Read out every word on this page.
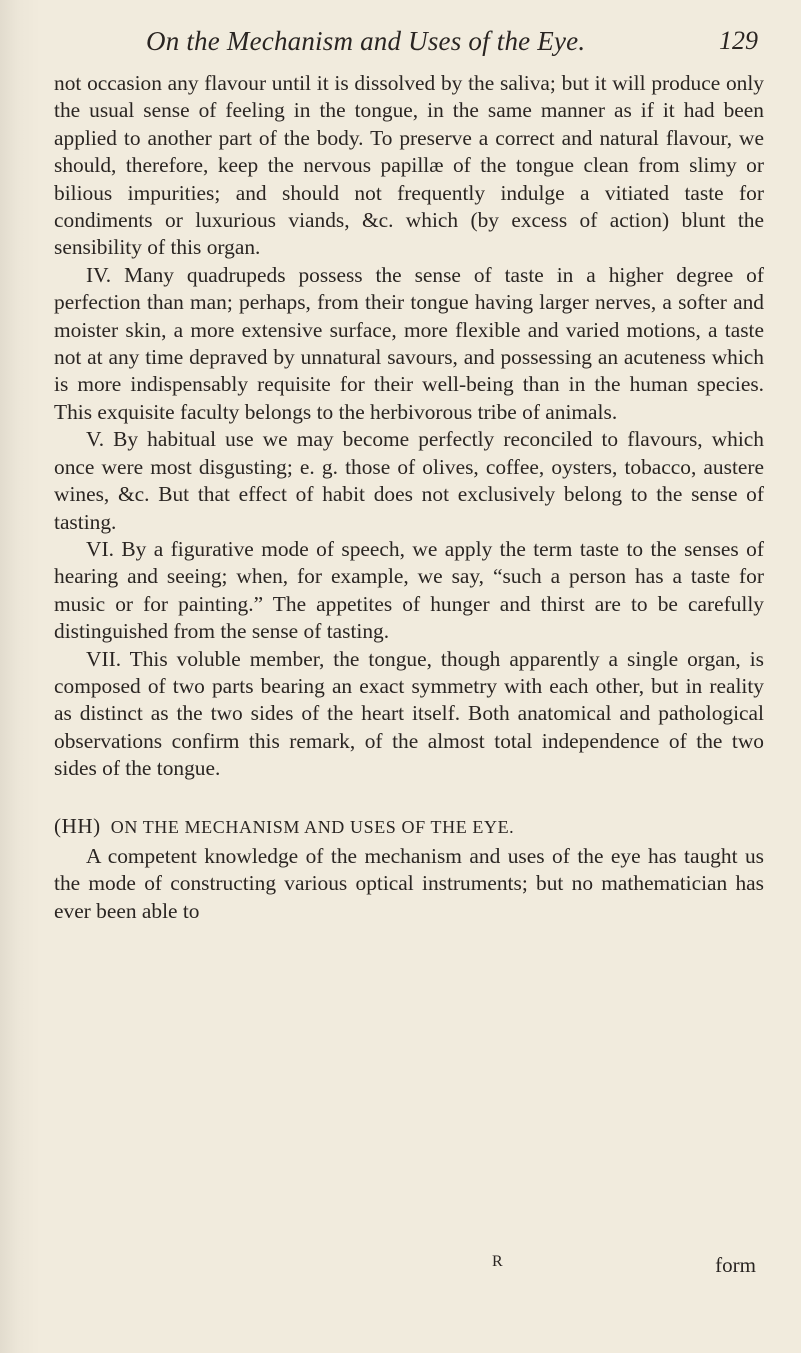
On the Mechanism and Uses of the Eye.	129

not occasion any flavour until it is dissolved by the saliva; but it will produce only the usual sense of feeling in the tongue, in the same manner as if it had been applied to another part of the body. To preserve a correct and natural flavour, we should, therefore, keep the nervous papillæ of the tongue clean from slimy or bilious impurities; and should not frequently indulge a vitiated taste for condiments or luxurious viands, &c. which (by excess of action) blunt the sensibility of this organ.

IV. Many quadrupeds possess the sense of taste in a higher degree of perfection than man; perhaps, from their tongue having larger nerves, a softer and moister skin, a more extensive surface, more flexible and varied motions, a taste not at any time depraved by unnatural savours, and possessing an acuteness which is more indispensably requisite for their well-being than in the human species. This exquisite faculty belongs to the herbivorous tribe of animals.

V. By habitual use we may become perfectly reconciled to flavours, which once were most disgusting; e. g. those of olives, coffee, oysters, tobacco, austere wines, &c. But that effect of habit does not exclusively belong to the sense of tasting.

VI. By a figurative mode of speech, we apply the term taste to the senses of hearing and seeing; when, for example, we say, “such a person has a taste for music or for painting.” The appetites of hunger and thirst are to be carefully distinguished from the sense of tasting.

VII. This voluble member, the tongue, though apparently a single organ, is composed of two parts bearing an exact symmetry with each other, but in reality as distinct as the two sides of the heart itself. Both anatomical and pathological observations confirm this remark, of the almost total independence of the two sides of the tongue.

(HH) ON THE MECHANISM AND USES OF THE EYE.

A competent knowledge of the mechanism and uses of the eye has taught us the mode of constructing various optical instruments; but no mathematician has ever been able to

R	form
